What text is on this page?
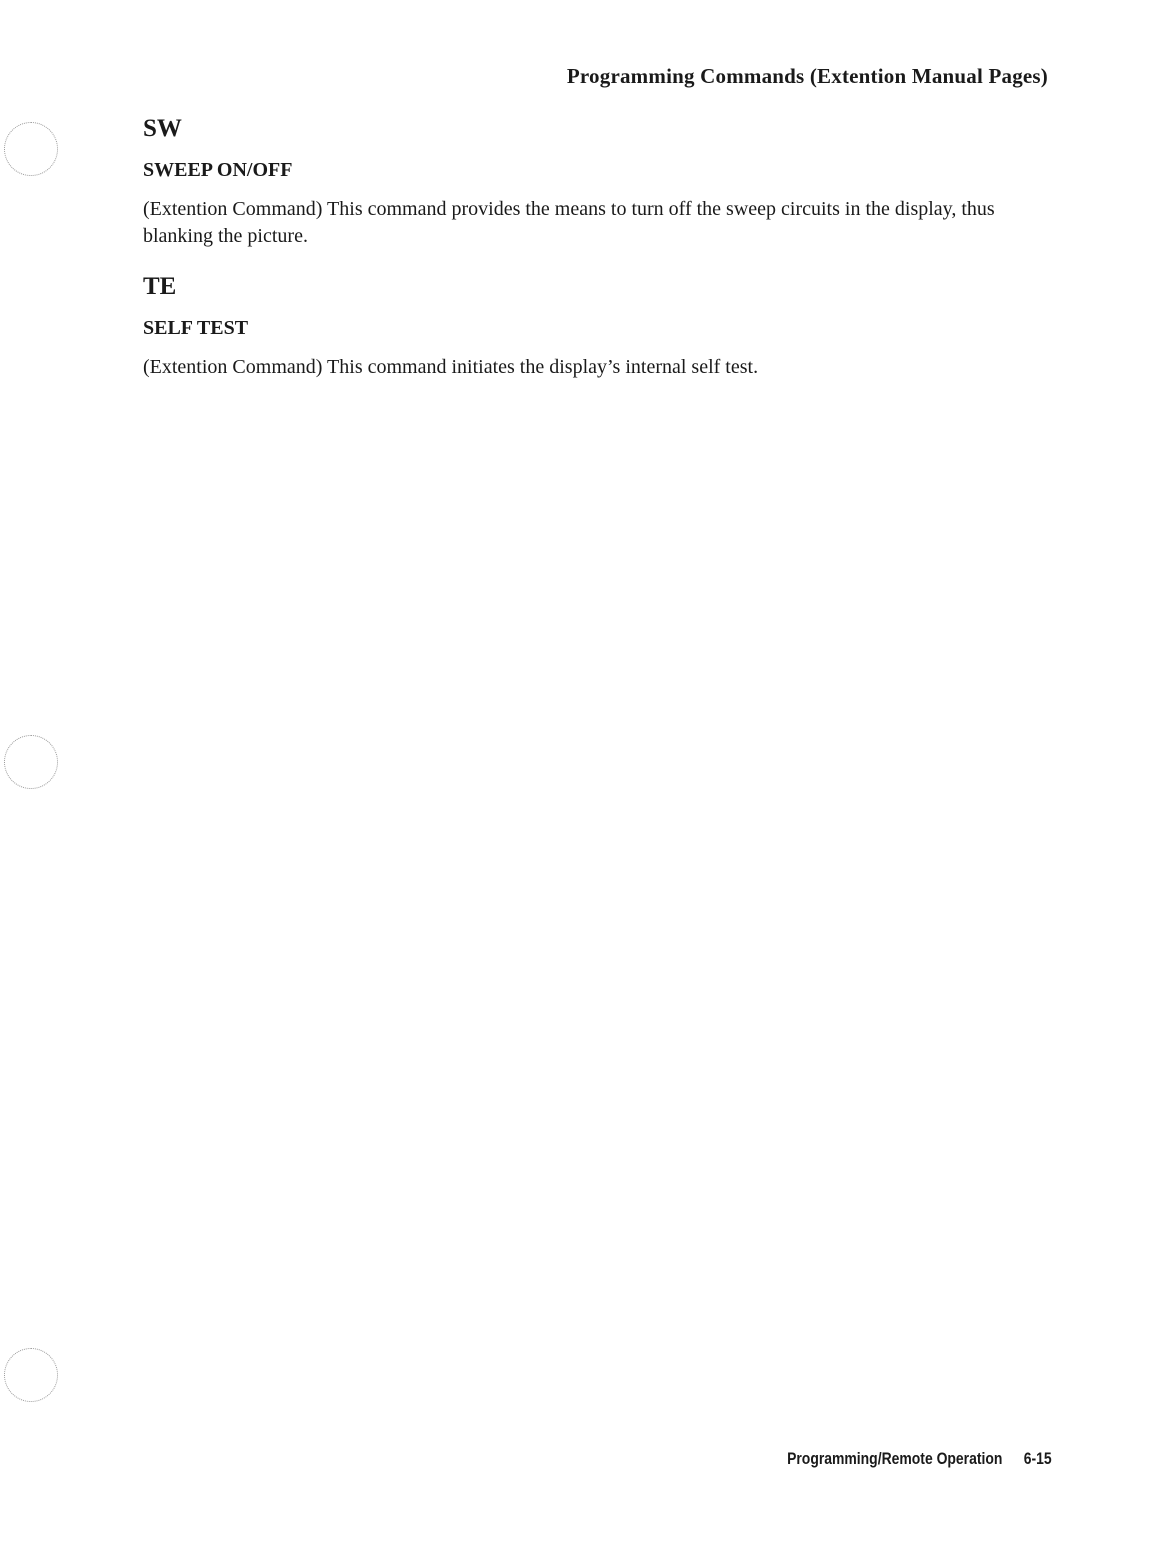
Programming Commands (Extention Manual Pages)
SW
SWEEP ON/OFF

(Extention Command) This command provides the means to turn off the sweep circuits in the display, thus blanking the picture.

TE
SELF TEST

(Extention Command) This command initiates the display’s internal self test.

Programming/Remote Operation 6-15
